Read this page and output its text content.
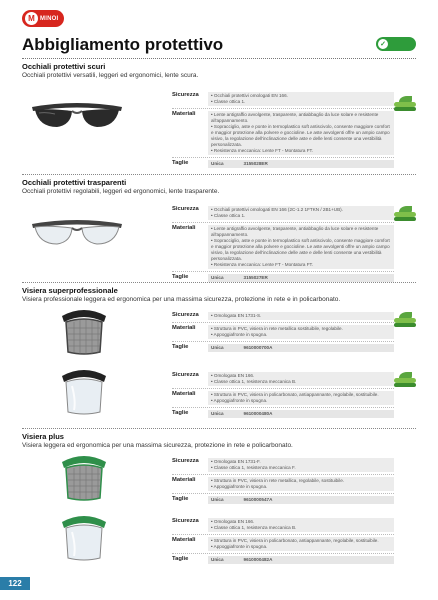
M MINOI
Abbigliamento protettivo	✓
Occhiali protettivi scuri
Occhiali protettivi versatili, leggeri ed ergonomici, lente scura.
Sicurezza	• Occhiali protettivi omologati EN 166.
• Classe ottica 1.
Materiali	• Lente antigraffio avvolgente, trasparente, antiabbaglio da luce solare e resistente all'appannamento.
• Sopracciglio, aste e ponte in termoplastico soft antiscivolo, consente maggiore comfort e maggior protezione alla polvere e goccioline. Le aste avvolgenti offre un ampio campo visivo, la regolazione dell'inclinazione delle aste e delle lenti consente una vestibilità personalizzata.
• Resistenza meccanica: Lente FT - Montatura FT.
Taglie	Unica	3155028ER
Occhiali protettivi trasparenti
Occhiali protettivi regolabili, leggeri ed ergonomici, lente trasparente.
Sicurezza	• Occhiali protettivi omologati EN 166 (2C-1.2 1FTKN / 2B1+UB).
• Classe ottica 1.
Materiali	• Lente antigraffio avvolgente, trasparente, antiabbaglio da luce solare e resistente all'appannamento.
• Sopracciglio, aste e ponte in termoplastico soft antiscivolo, consente maggiore comfort e maggior protezione alla polvere e goccioline. Le aste avvolgenti offre un ampio campo visivo, la regolazione dell'inclinazione delle aste e delle lenti consente una vestibilità personalizzata.
• Resistenza meccanica: Lente FT - Montatura FT.
Taglie	Unica	3155027ER
Visiera superprofessionale
Visiera professionale leggera ed ergonomica per una massima sicurezza, protezione in rete e in policarbonato.
Sicurezza	• Omologata EN 1731-S.
Materiali	• Struttura in PVC, visiera in rete metallica sostituibile, regolabile.
• Appoggiafronte in spugna.
Taglie	Unica	9610000700A
Sicurezza	• Omologata EN 166.
• Classe ottica 1, resistenza meccanica B.
Materiali	• Struttura in PVC, visiera in policarbonato, antiappannante, regolabile, sostituibile.
• Appoggiafronte in spugna.
Taglie	Unica	9610000480A
Visiera plus
Visiera leggera ed ergonomica per una massima sicurezza, protezione in rete e policarbonato.
Sicurezza	• Omologata EN 1731-F.
• Classe ottica 1, resistenza meccanica F.
Materiali	• Struttura in PVC, visiera in rete metallica, regolabile, sostituibile.
• Appoggiafronte in spugna.
Taglie	Unica	9610000547A
Sicurezza	• Omologata EN 166.
• Classe ottica 1, resistenza meccanica B.
Materiali	• Struttura in PVC, visiera in policarbonato, antiappannante, regolabile, sostituibile.
• Appoggiafronte in spugna.
Taglie	Unica	9610000482A
122
